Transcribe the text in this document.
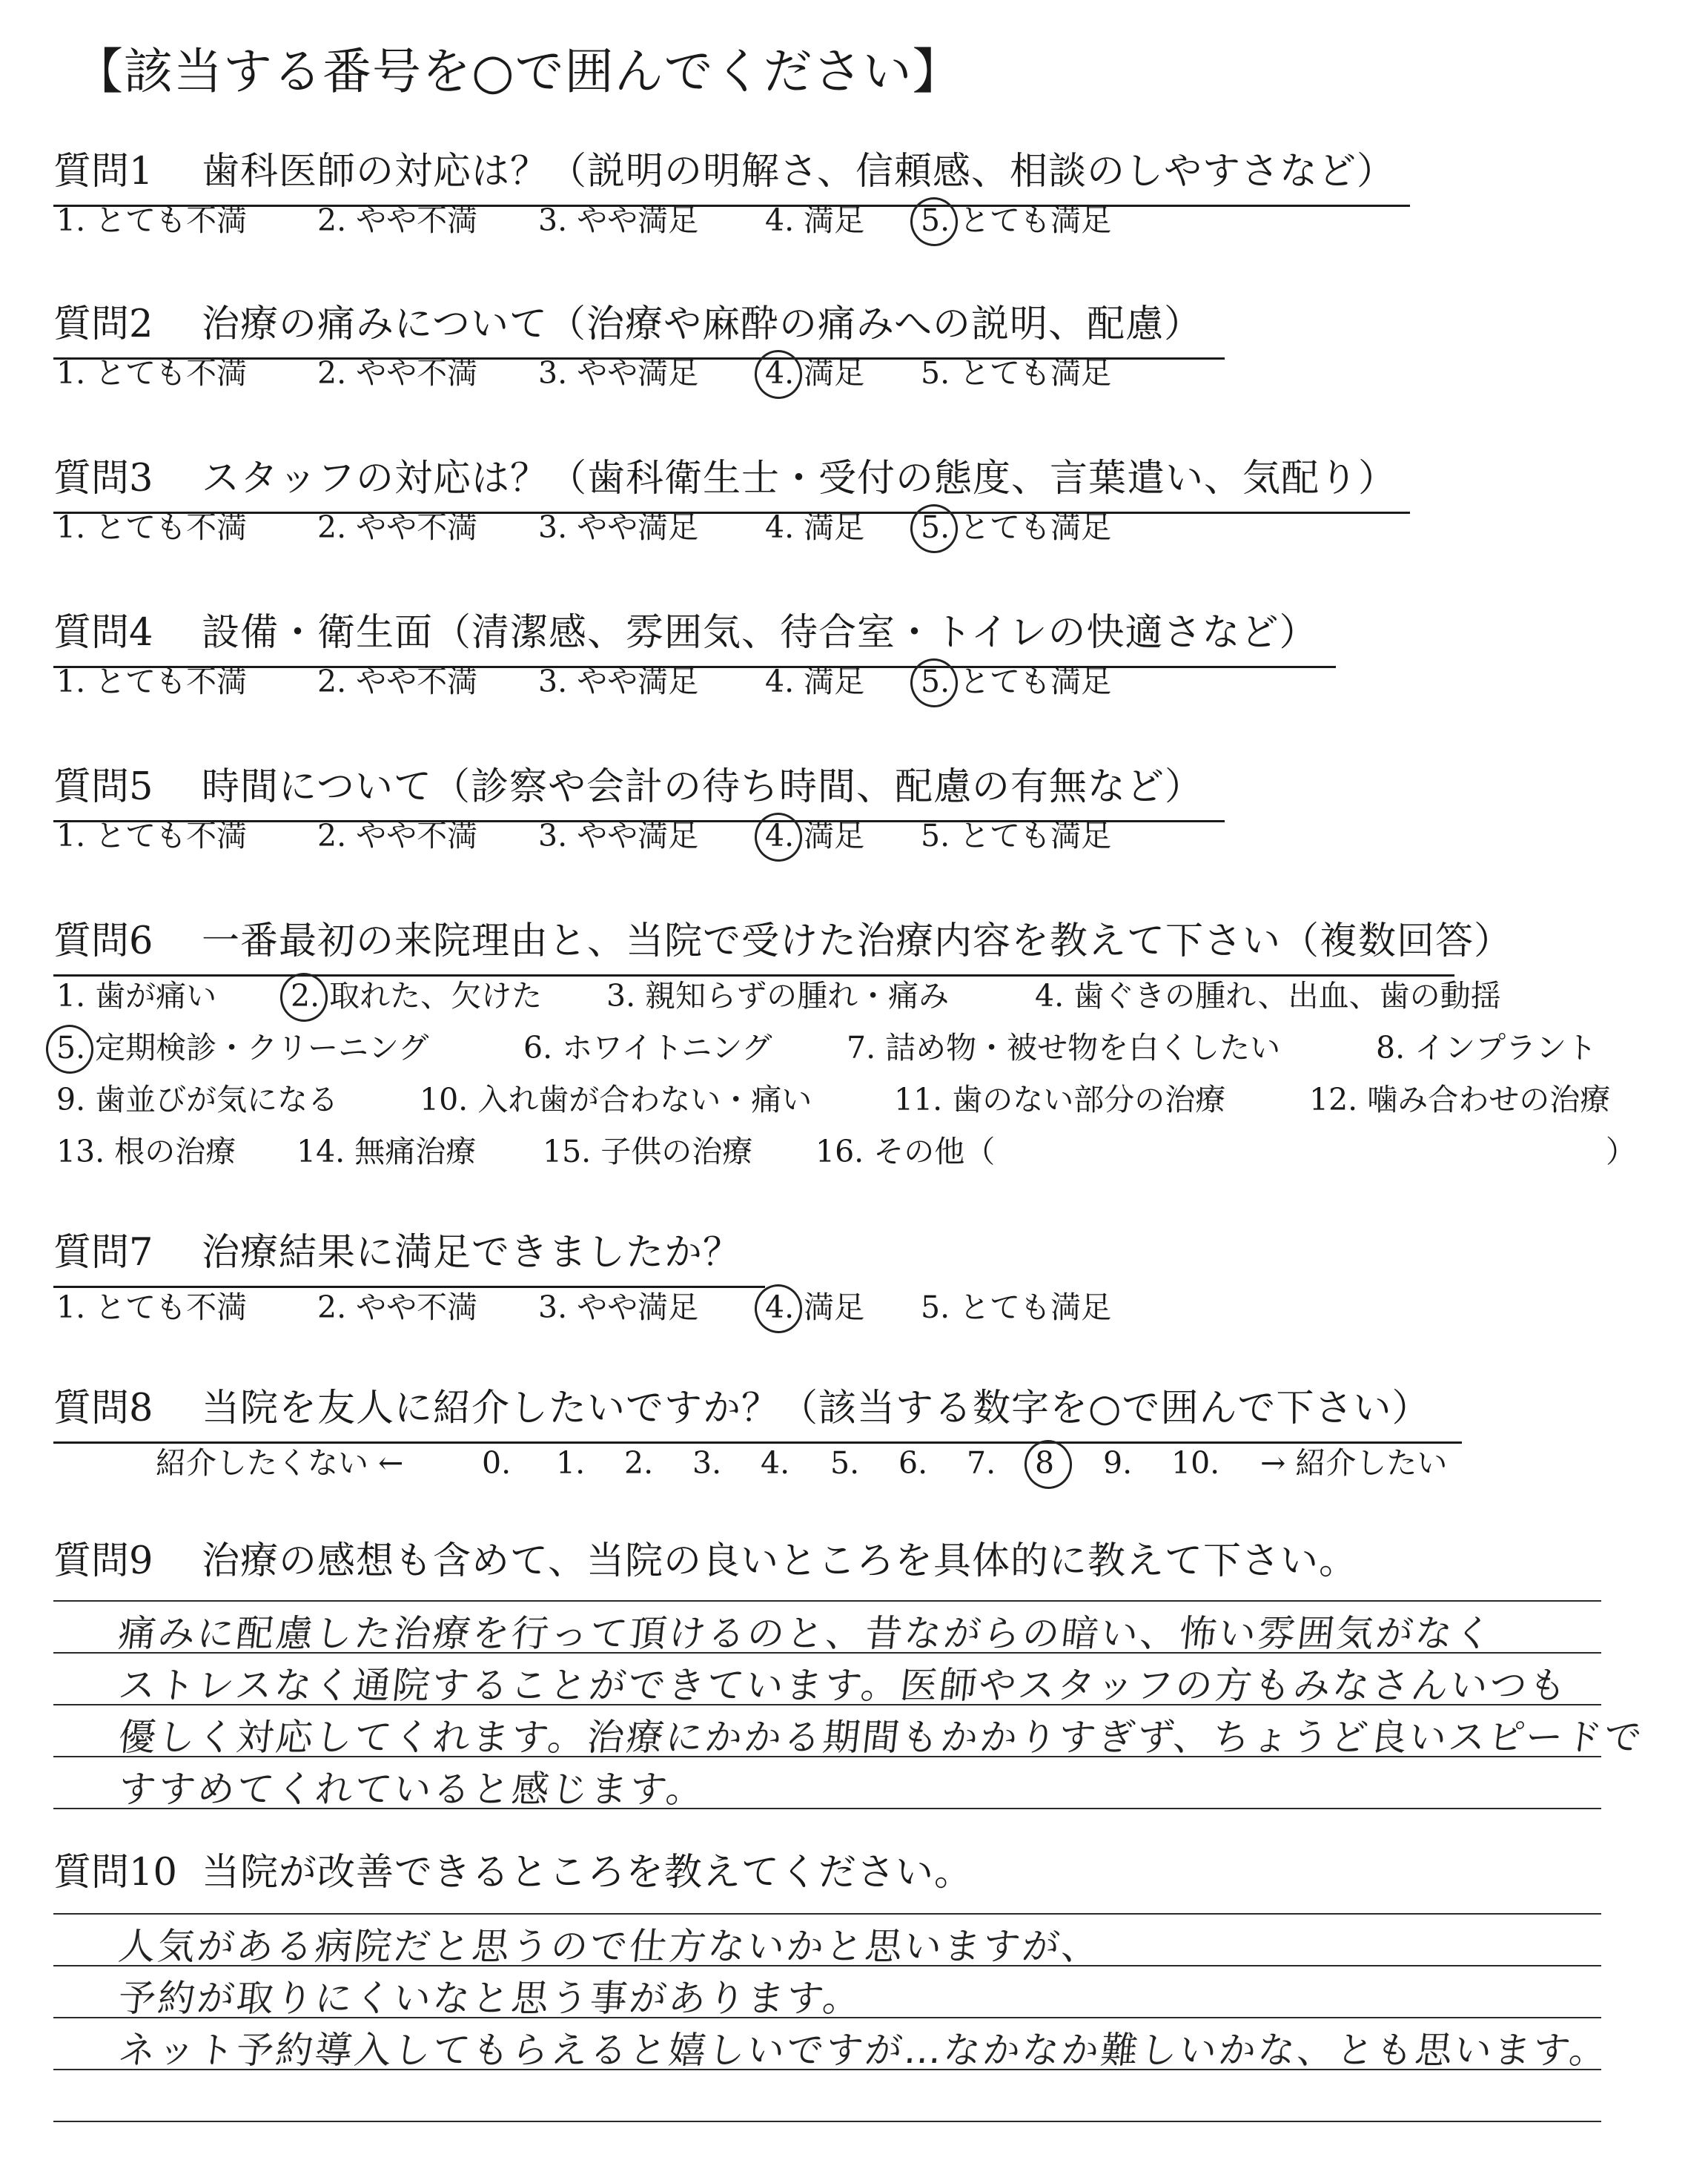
【該当する番号を○で囲んでください】
質問1 歯科医師の対応は？（説明の明解さ、信頼感、相談のしやすさなど）
1. とても不満 2. やや不満 3. やや満足 4. 満足 5. とても満足
質問2 治療の痛みについて（治療や麻酔の痛みへの説明、配慮）
1. とても不満 2. やや不満 3. やや満足 4. 満足 5. とても満足
質問3 スタッフの対応は？（歯科衛生士・受付の態度、言葉遣い、気配り）
1. とても不満 2. やや不満 3. やや満足 4. 満足 5. とても満足
質問4 設備・衛生面（清潔感、雰囲気、待合室・トイレの快適さなど）
1. とても不満 2. やや不満 3. やや満足 4. 満足 5. とても満足
質問5 時間について（診察や会計の待ち時間、配慮の有無など）
1. とても不満 2. やや不満 3. やや満足 4. 満足 5. とても満足
質問6 一番最初の来院理由と、当院で受けた治療内容を教えて下さい（複数回答）
1. 歯が痛い 2. 取れた、欠けた 3. 親知らずの腫れ・痛み	4. 歯ぐきの腫れ、出血、歯の動揺
5. 定期検診・クリーニング	6. ホワイトニング 7. 詰め物・被せ物を白くしたい	8. インプラント
9. 歯並びが気になる	10. 入れ歯が合わない・痛い	11. 歯のない部分の治療	12. 噛み合わせの治療
13. 根の治療 14. 無痛治療 15. 子供の治療 16. その他（	）
質問7 治療結果に満足できましたか？
1. とても不満 2. やや不満 3. やや満足 4. 満足 5. とても満足
質問8 当院を友人に紹介したいですか？（該当する数字を○で囲んで下さい）
紹介したくない ←	0. 1. 2. 3. 4. 5. 6. 7. 8 9. 10. → 紹介したい
質問9 治療の感想も含めて、当院の良いところを具体的に教えて下さい。
痛みに配慮した治療を行って頂けるのと、昔ながらの暗い、怖い雰囲気がなく
ストレスなく通院することができています。医師やスタッフの方もみなさんいつも
優しく対応してくれます。治療にかかる期間もかかりすぎず、ちょうど良いスピードで
すすめてくれていると感じます。
質問10 当院が改善できるところを教えてください。
人気がある病院だと思うので仕方ないかと思いますが、
予約が取りにくいなと思う事があります。
ネット予約導入してもらえると嬉しいですが…なかなか難しいかな、とも思います。
